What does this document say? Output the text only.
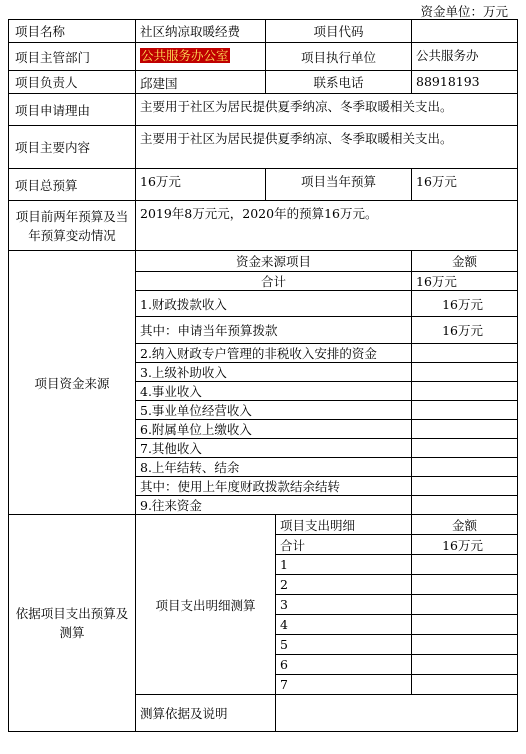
资金单位：万元
项目名称	社区纳凉取暖经费	项目代码		
项目主管部门	公共服务办公室	项目执行单位		公共服务办
项目负责人	邱建国	联系电话		88918193
项目申请理由	主要用于社区为居民提供夏季纳凉、冬季取暖相关支出。			
项目主要内容	主要用于社区为居民提供夏季纳凉、冬季取暖相关支出。			
项目总预算	16万元	项目当年预算		16万元
项目前两年预算及当年预算变动情况	2019年8万元元，2020年的预算16万元。			
项目资金来源	资金来源项目			金额
	合计			16万元
	1.财政拨款收入			16万元
	其中：申请当年预算拨款			16万元
	2.纳入财政专户管理的非税收入安排的资金			
	3.上级补助收入			
	4.事业收入			
	5.事业单位经营收入			
	6.附属单位上缴收入			
	7.其他收入			
	8.上年结转、结余			
	其中：使用上年度财政拨款结余结转			
	9.往来资金			
依据项目支出预算及测算	项目支出明细测算		项目支出明细	金额
			合计	16万元
			1	
			2	
			3	
			4	
			5	
			6	
			7	
	测算依据及说明			
